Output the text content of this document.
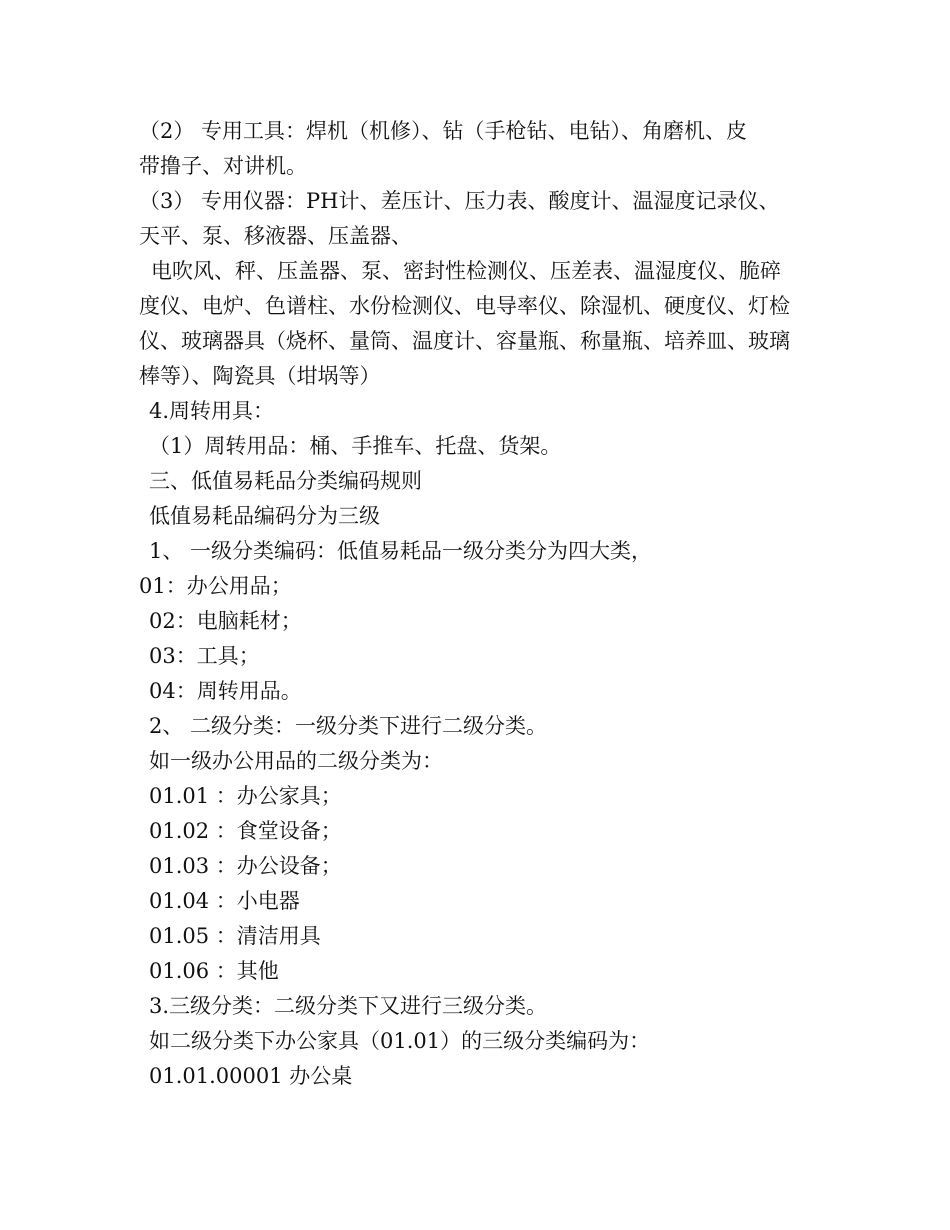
（2） 专用工具：焊机（机修）、钻（手枪钻、电钻）、角磨机、皮
带撸子、对讲机。
（3） 专用仪器：PH计、差压计、压力表、酸度计、温湿度记录仪、
天平、泵、移液器、压盖器、
电吹风、秤、压盖器、泵、密封性检测仪、压差表、温湿度仪、脆碎
度仪、电炉、色谱柱、水份检测仪、电导率仪、除湿机、硬度仪、灯检
仪、玻璃器具（烧杯、量筒、温度计、容量瓶、称量瓶、培养皿、玻璃
棒等）、陶瓷具（坩埚等）
4.周转用具：
（1）周转用品：桶、手推车、托盘、货架。
三、低值易耗品分类编码规则
低值易耗品编码分为三级
1、 一级分类编码：低值易耗品一级分类分为四大类，
01：办公用品；
02：电脑耗材；
03：工具；
04：周转用品。
2、 二级分类：一级分类下进行二级分类。
如一级办公用品的二级分类为：
01.01 ：办公家具；
01.02 ：食堂设备；
01.03 ：办公设备；
01.04 ：小电器
01.05 ：清洁用具
01.06 ：其他
3.三级分类：二级分类下又进行三级分类。
如二级分类下办公家具（01.01）的三级分类编码为：
01.01.00001 办公桌
